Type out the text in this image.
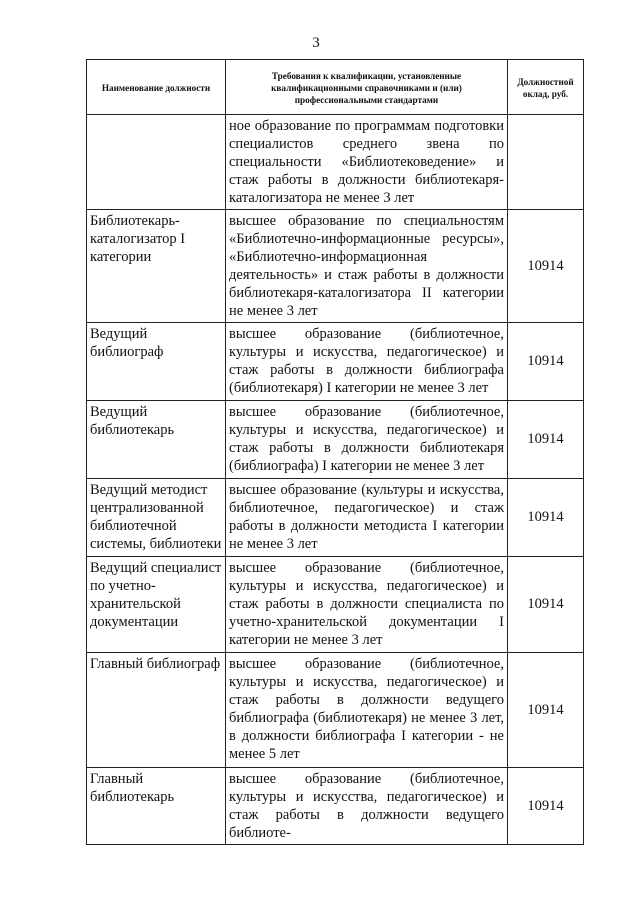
3
Наименование должности	Требования к квалификации, установленные квалификационными справочниками и (или) профессиональными стандартами	Должностной оклад, руб.
	ное образование по программам подготовки специалистов среднего звена по специальности «Библиотековедение» и стаж работы в должности библиотекаря-каталогизатора не менее 3 лет	
Библиотекарь-каталогизатор I категории	высшее образование по специальностям «Библиотечно-информационные ресурсы», «Библиотечно-информационная деятельность» и стаж работы в должности библиотекаря-каталогизатора II категории не менее 3 лет	10914
Ведущий библиограф	высшее образование (библиотечное, культуры и искусства, педагогическое) и стаж работы в должности библиографа (библиотекаря) I категории не менее 3 лет	10914
Ведущий библиотекарь	высшее образование (библиотечное, культуры и искусства, педагогическое) и стаж работы в должности библиотекаря (библиографа) I категории не менее 3 лет	10914
Ведущий методист централизованной библиотечной системы, библиотеки	высшее образование (культуры и искусства, библиотечное, педагогическое) и стаж работы в должности методиста I категории не менее 3 лет	10914
Ведущий специалист по учетно-хранительской документации	высшее образование (библиотечное, культуры и искусства, педагогическое) и стаж работы в должности специалиста по учетно-хранительской документации I категории не менее 3 лет	10914
Главный библиограф	высшее образование (библиотечное, культуры и искусства, педагогическое) и стаж работы в должности ведущего библиографа (библиотекаря) не менее 3 лет, в должности библиографа I категории - не менее 5 лет	10914
Главный библиотекарь	высшее образование (библиотечное, культуры и искусства, педагогическое) и стаж работы в должности ведущего библиоте-	10914
